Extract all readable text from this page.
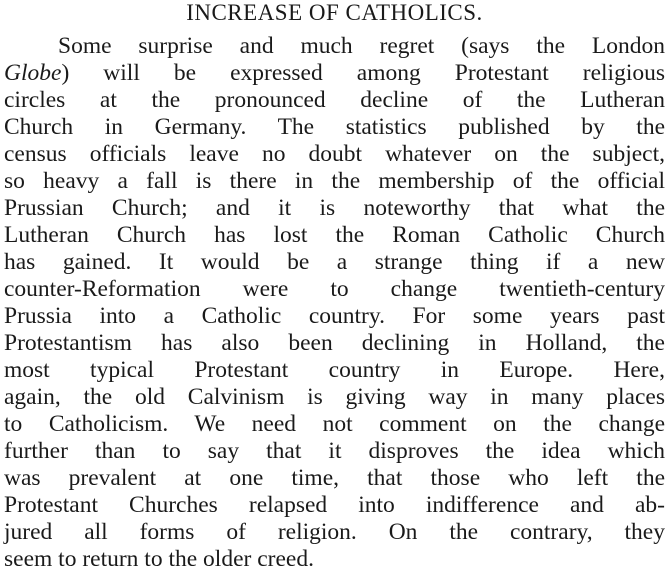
INCREASE OF CATHOLICS.
Some surprise and much regret (says the London
Globe) will be expressed among Protestant religious
circles at the pronounced decline of the Lutheran
Church in Germany. The statistics published by the
census officials leave no doubt whatever on the subject,
so heavy a fall is there in the membership of the official
Prussian Church; and it is noteworthy that what the
Lutheran Church has lost the Roman Catholic Church
has gained. It would be a strange thing if a new
counter-Reformation were to change twentieth-century
Prussia into a Catholic country. For some years past
Protestantism has also been declining in Holland, the
most typical Protestant country in Europe. Here,
again, the old Calvinism is giving way in many places
to Catholicism. We need not comment on the change
further than to say that it disproves the idea which
was prevalent at one time, that those who left the
Protestant Churches relapsed into indifference and ab-
jured all forms of religion. On the contrary, they
seem to return to the older creed.
